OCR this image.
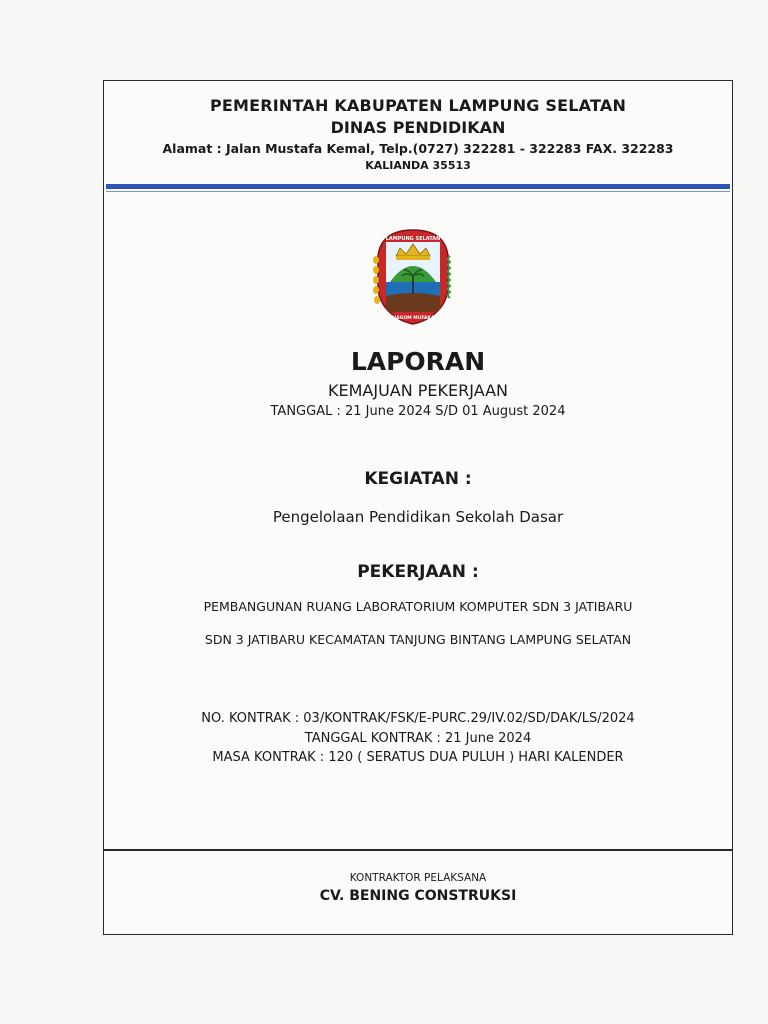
PEMERINTAH KABUPATEN LAMPUNG SELATAN
DINAS PENDIDIKAN
Alamat : Jalan Mustafa Kemal, Telp.(0727) 322281 - 322283 FAX. 322283
KALIANDA 35513
LAMPUNG SELATAN
KHAGOM MUFAKAT
LAPORAN
KEMAJUAN PEKERJAAN
TANGGAL : 21 June 2024 S/D 01 August 2024
KEGIATAN :
Pengelolaan Pendidikan Sekolah Dasar
PEKERJAAN :
PEMBANGUNAN RUANG LABORATORIUM KOMPUTER SDN 3 JATIBARU
SDN 3 JATIBARU KECAMATAN TANJUNG BINTANG LAMPUNG SELATAN
NO. KONTRAK : 03/KONTRAK/FSK/E-PURC.29/IV.02/SD/DAK/LS/2024
TANGGAL KONTRAK : 21 June 2024
MASA KONTRAK : 120 ( SERATUS DUA PULUH ) HARI KALENDER
KONTRAKTOR PELAKSANA
CV. BENING CONSTRUKSI
